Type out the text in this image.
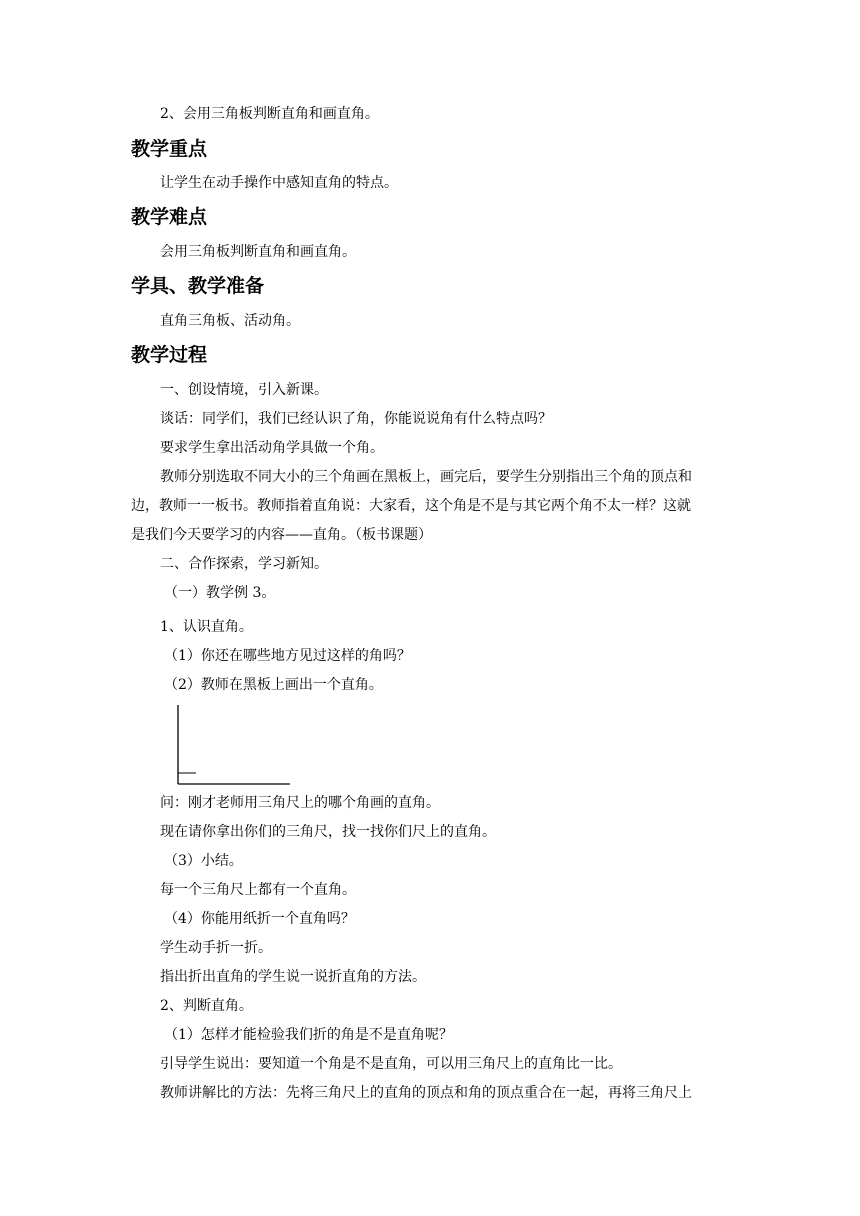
2、会用三角板判断直角和画直角。
教学重点
让学生在动手操作中感知直角的特点。
教学难点
会用三角板判断直角和画直角。
学具、教学准备
直角三角板、活动角。
教学过程
一、创设情境，引入新课。
谈话：同学们，我们已经认识了角，你能说说角有什么特点吗？
要求学生拿出活动角学具做一个角。
教师分别选取不同大小的三个角画在黑板上，画完后，要学生分别指出三个角的顶点和
边，教师一一板书。教师指着直角说：大家看，这个角是不是与其它两个角不太一样？这就
是我们今天要学习的内容——直角。（板书课题）
二、合作探索，学习新知。
（一）教学例 3。
1、认识直角。
（1）你还在哪些地方见过这样的角吗？
（2）教师在黑板上画出一个直角。
问：刚才老师用三角尺上的哪个角画的直角。
现在请你拿出你们的三角尺，找一找你们尺上的直角。
（3）小结。
每一个三角尺上都有一个直角。
（4）你能用纸折一个直角吗？
学生动手折一折。
指出折出直角的学生说一说折直角的方法。
2、判断直角。
（1）怎样才能检验我们折的角是不是直角呢？
引导学生说出：要知道一个角是不是直角，可以用三角尺上的直角比一比。
教师讲解比的方法：先将三角尺上的直角的顶点和角的顶点重合在一起，再将三角尺上
